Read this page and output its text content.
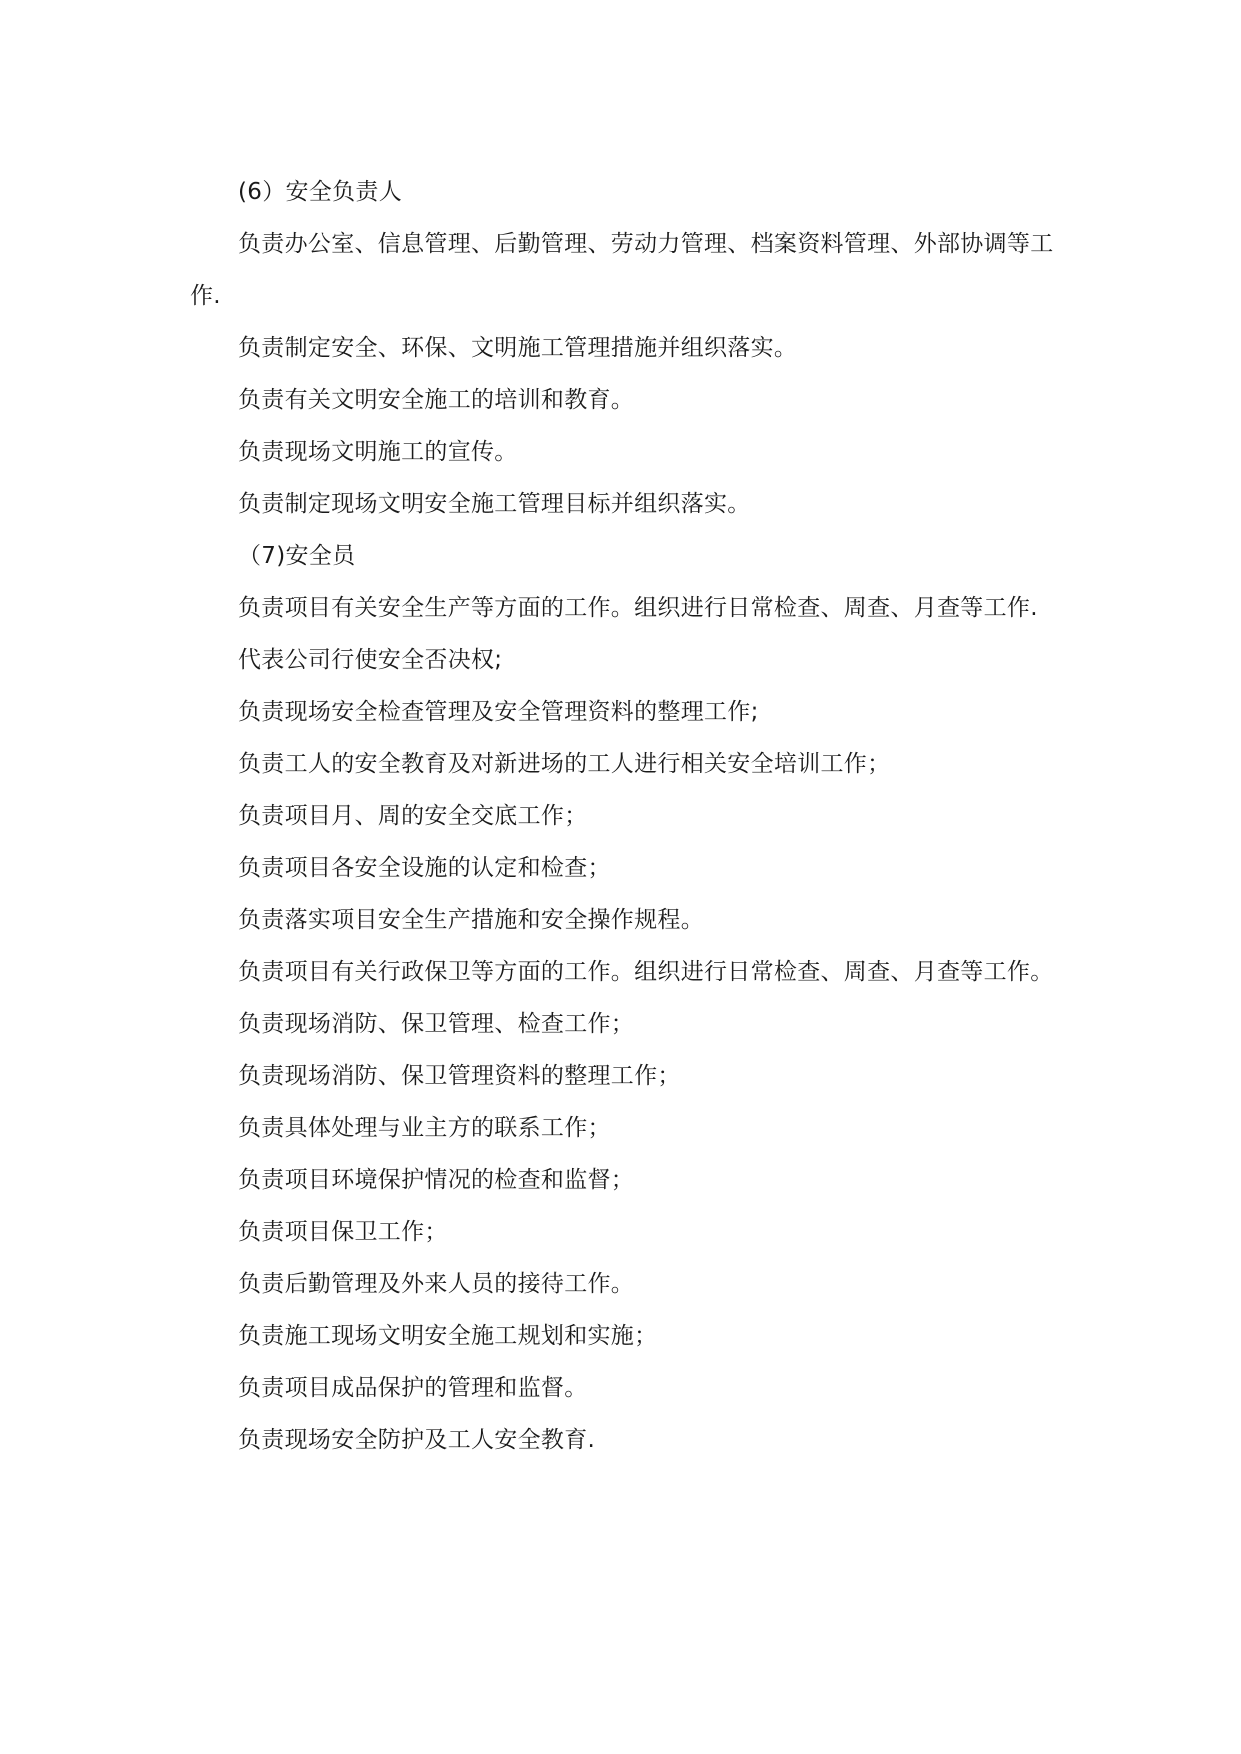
(6）安全负责人

负责办公室、信息管理、后勤管理、劳动力管理、档案资料管理、外部协调等工作.

负责制定安全、环保、文明施工管理措施并组织落实。

负责有关文明安全施工的培训和教育。

负责现场文明施工的宣传。

负责制定现场文明安全施工管理目标并组织落实。

（7)安全员

负责项目有关安全生产等方面的工作。组织进行日常检查、周查、月查等工作.

代表公司行使安全否决权;

负责现场安全检查管理及安全管理资料的整理工作;

负责工人的安全教育及对新进场的工人进行相关安全培训工作；

负责项目月、周的安全交底工作；

负责项目各安全设施的认定和检查；

负责落实项目安全生产措施和安全操作规程。

负责项目有关行政保卫等方面的工作。组织进行日常检查、周查、月查等工作。

负责现场消防、保卫管理、检查工作；

负责现场消防、保卫管理资料的整理工作；

负责具体处理与业主方的联系工作；

负责项目环境保护情况的检查和监督；

负责项目保卫工作；

负责后勤管理及外来人员的接待工作。

负责施工现场文明安全施工规划和实施；

负责项目成品保护的管理和监督。

负责现场安全防护及工人安全教育.
